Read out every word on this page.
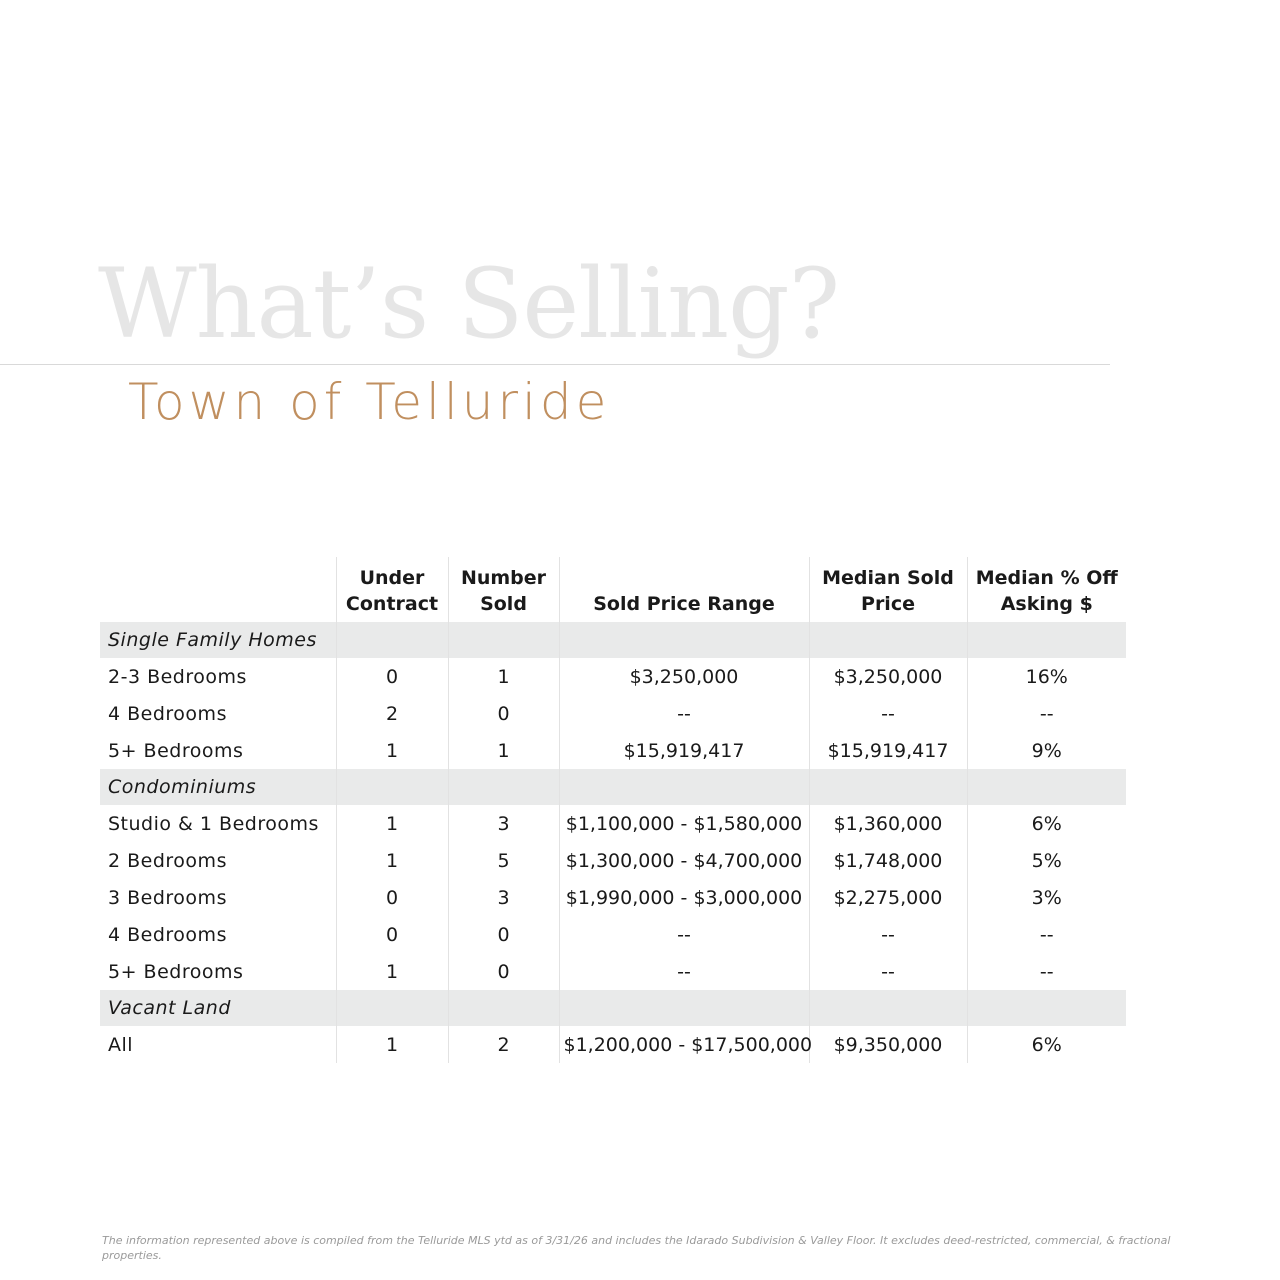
What’s Selling?
Town of Telluride
	Under Contract	Number Sold	Sold Price Range	Median Sold Price	Median % Off Asking $
Single Family Homes					
2-3 Bedrooms	0	1	$3,250,000	$3,250,000	16%
4 Bedrooms	2	0	--	--	--
5+ Bedrooms	1	1	$15,919,417	$15,919,417	9%
Condominiums					
Studio & 1 Bedrooms	1	3	$1,100,000 - $1,580,000	$1,360,000	6%
2 Bedrooms	1	5	$1,300,000 - $4,700,000	$1,748,000	5%
3 Bedrooms	0	3	$1,990,000 - $3,000,000	$2,275,000	3%
4 Bedrooms	0	0	--	--	--
5+ Bedrooms	1	0	--	--	--
Vacant Land					
All	1	2	$1,200,000 - $17,500,000	$9,350,000	6%

The information represented above is compiled from the Telluride MLS ytd as of 3/31/26 and includes the Idarado Subdivision & Valley Floor. It excludes deed-restricted, commercial, & fractional properties.
